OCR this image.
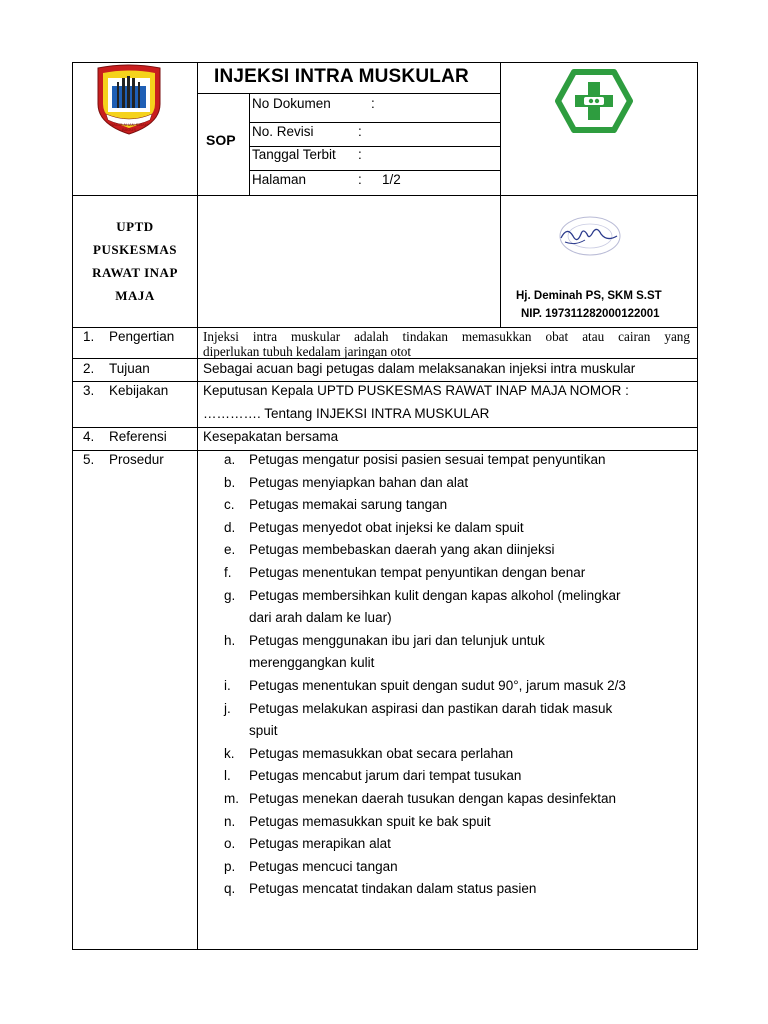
BAGIS AHAN SIBAH BAGUS
INJEKSI INTRA MUSKULAR
SOP
No Dokumen	:
No. Revisi	:
Tanggal Terbit :
Halaman	: 1/2
UPTD
PUSKESMAS
RAWAT INAP
MAJA	Hj. Deminah PS, SKM S.ST
NIP. 197311282000122001
1. Pengertian Injeksi intra muskular adalah tindakan memasukkan obat atau cairan yang
diperlukan tubuh kedalam jaringan otot
2. Tujuan	Sebagai acuan bagi petugas dalam melaksanakan injeksi intra muskular
3. Kebijakan	Keputusan Kepala UPTD PUSKESMAS RAWAT INAP MAJA NOMOR :
…………. Tentang INJEKSI INTRA MUSKULAR
4. Referensi	Kesepakatan bersama
5. Prosedur	a. Petugas mengatur posisi pasien sesuai tempat penyuntikan
b. Petugas menyiapkan bahan dan alat
c. Petugas memakai sarung tangan
d. Petugas menyedot obat injeksi ke dalam spuit
e. Petugas membebaskan daerah yang akan diinjeksi
f. Petugas menentukan tempat penyuntikan dengan benar
g. Petugas membersihkan kulit dengan kapas alkohol (melingkar
dari arah dalam ke luar)
h. Petugas menggunakan ibu jari dan telunjuk untuk
merenggangkan kulit
i. Petugas menentukan spuit dengan sudut 90°, jarum masuk 2/3
j. Petugas melakukan aspirasi dan pastikan darah tidak masuk
spuit
k. Petugas memasukkan obat secara perlahan
l. Petugas mencabut jarum dari tempat tusukan
m. Petugas menekan daerah tusukan dengan kapas desinfektan
n. Petugas memasukkan spuit ke bak spuit
o. Petugas merapikan alat
p. Petugas mencuci tangan
q. Petugas mencatat tindakan dalam status pasien
